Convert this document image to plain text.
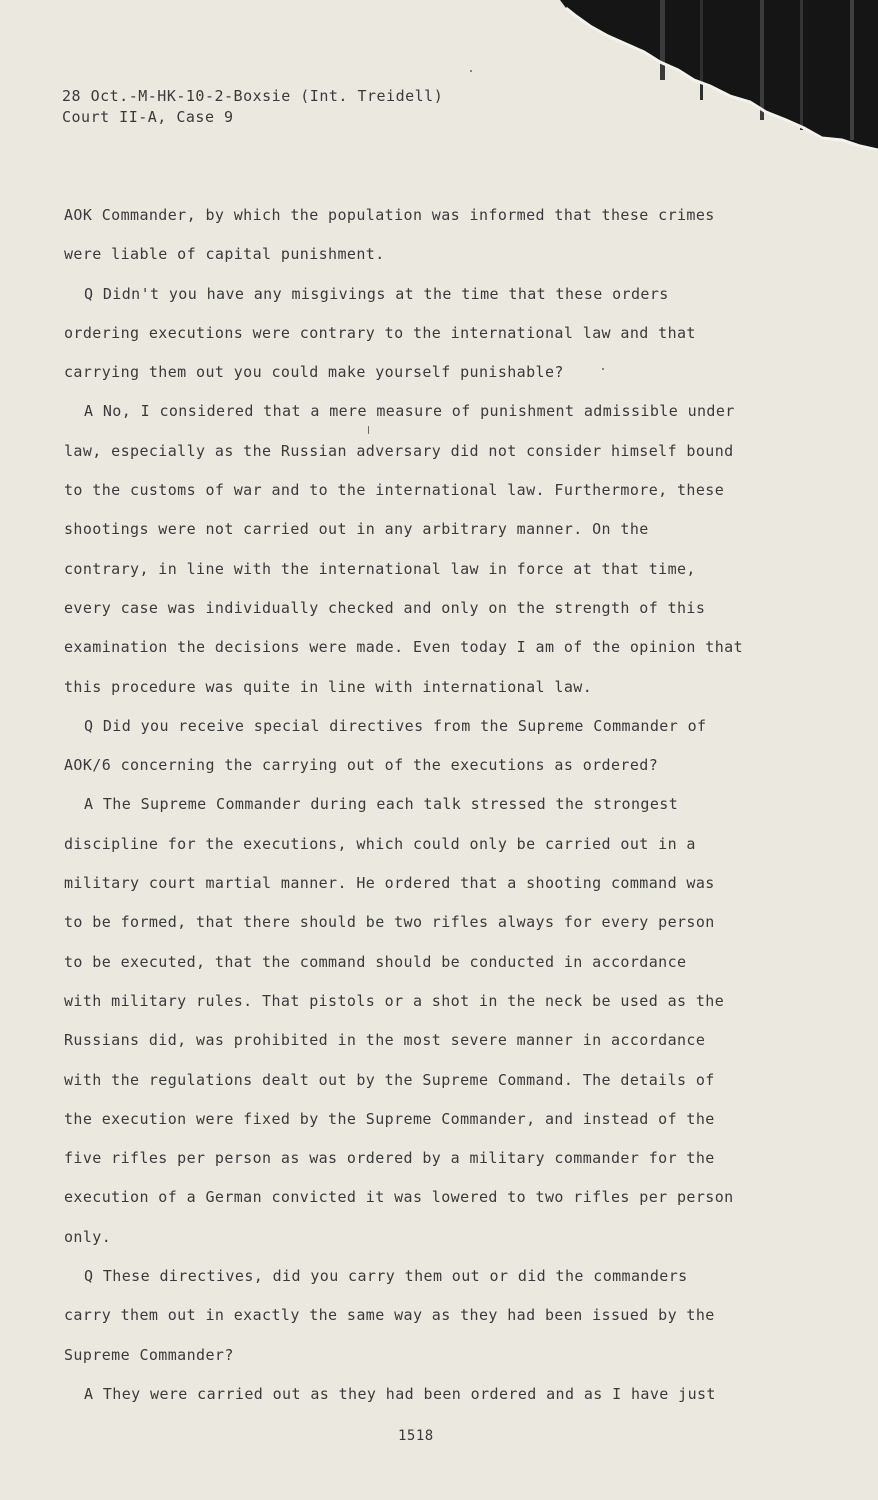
28 Oct.-M-HK-10-2-Boxsie (Int. Treidell)
Court II-A, Case 9
AOK Commander, by which the population was informed that these crimes
were liable of capital punishment.
Q Didn't you have any misgivings at the time that these orders
ordering executions were contrary to the international law and that
carrying them out you could make yourself punishable?
A No, I considered that a mere measure of punishment admissible under
law, especially as the Russian adversary did not consider himself bound
to the customs of war and to the international law. Furthermore, these
shootings were not carried out in any arbitrary manner. On the
contrary, in line with the international law in force at that time,
every case was individually checked and only on the strength of this
examination the decisions were made. Even today I am of the opinion that
this procedure was quite in line with international law.
Q Did you receive special directives from the Supreme Commander of
AOK/6 concerning the carrying out of the executions as ordered?
A The Supreme Commander during each talk stressed the strongest
discipline for the executions, which could only be carried out in a
military court martial manner. He ordered that a shooting command was
to be formed, that there should be two rifles always for every person
to be executed, that the command should be conducted in accordance
with military rules. That pistols or a shot in the neck be used as the
Russians did, was prohibited in the most severe manner in accordance
with the regulations dealt out by the Supreme Command. The details of
the execution were fixed by the Supreme Commander, and instead of the
five rifles per person as was ordered by a military commander for the
execution of a German convicted it was lowered to two rifles per person
only.
Q These directives, did you carry them out or did the commanders
carry them out in exactly the same way as they had been issued by the
Supreme Commander?
A They were carried out as they had been ordered and as I have just
1518
